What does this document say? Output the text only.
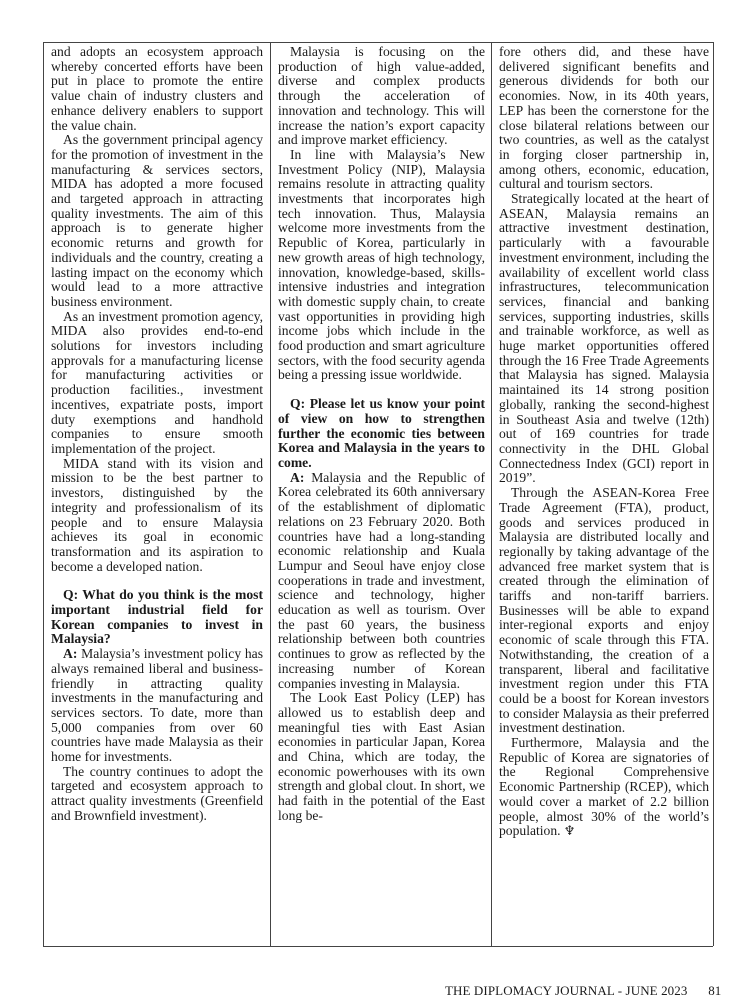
and adopts an ecosystem approach whereby concerted efforts have been put in place to promote the entire value chain of industry clusters and enhance delivery enablers to support the value chain.

As the government principal agency for the promotion of investment in the manufacturing & services sectors, MIDA has adopted a more focused and targeted approach in attracting quality investments. The aim of this approach is to generate higher economic returns and growth for individuals and the country, creating a lasting impact on the economy which would lead to a more attractive business environment.

As an investment promotion agency, MIDA also provides end-to-end solutions for investors including approvals for a manufacturing license for manufacturing activities or production facilities., investment incentives, expatriate posts, import duty exemptions and handhold companies to ensure smooth implementation of the project.

MIDA stand with its vision and mission to be the best partner to investors, distinguished by the integrity and professionalism of its people and to ensure Malaysia achieves its goal in economic transformation and its aspiration to become a developed nation.

Q: What do you think is the most important industrial field for Korean companies to invest in Malaysia?

A: Malaysia’s investment policy has always remained liberal and business-friendly in attracting quality investments in the manufacturing and services sectors. To date, more than 5,000 companies from over 60 countries have made Malaysia as their home for investments.

The country continues to adopt the targeted and ecosystem approach to attract quality investments (Greenfield and Brownfield investment).

Malaysia is focusing on the production of high value-added, diverse and complex products through the acceleration of innovation and technology. This will increase the nation’s export capacity and improve market efficiency.

In line with Malaysia’s New Investment Policy (NIP), Malaysia remains resolute in attracting quality investments that incorporates high tech innovation. Thus, Malaysia welcome more investments from the Republic of Korea, particularly in new growth areas of high technology, innovation, knowledge-based, skills-intensive industries and integration with domestic supply chain, to create vast opportunities in providing high income jobs which include in the food production and smart agriculture sectors, with the food security agenda being a pressing issue worldwide.

Q: Please let us know your point of view on how to strengthen further the economic ties between Korea and Malaysia in the years to come.

A: Malaysia and the Republic of Korea celebrated its 60th anniversary of the establishment of diplomatic relations on 23 February 2020. Both countries have had a long-standing economic relationship and Kuala Lumpur and Seoul have enjoy close cooperations in trade and investment, science and technology, higher education as well as tourism. Over the past 60 years, the business relationship between both countries continues to grow as reflected by the increasing number of Korean companies investing in Malaysia.

The Look East Policy (LEP) has allowed us to establish deep and meaningful ties with East Asian economies in particular Japan, Korea and China, which are today, the economic powerhouses with its own strength and global clout. In short, we had faith in the potential of the East long be-

fore others did, and these have delivered significant benefits and generous dividends for both our economies. Now, in its 40th years, LEP has been the cornerstone for the close bilateral relations between our two countries, as well as the catalyst in forging closer partnership in, among others, economic, education, cultural and tourism sectors.

Strategically located at the heart of ASEAN, Malaysia remains an attractive investment destination, particularly with a favourable investment environment, including the availability of excellent world class infrastructures, telecommunication services, financial and banking services, supporting industries, skills and trainable workforce, as well as huge market opportunities offered through the 16 Free Trade Agreements that Malaysia has signed. Malaysia maintained its 14 strong position globally, ranking the second-highest in Southeast Asia and twelve (12th) out of 169 countries for trade connectivity in the DHL Global Connectedness Index (GCI) report in 2019”.

Through the ASEAN-Korea Free Trade Agreement (FTA), product, goods and services produced in Malaysia are distributed locally and regionally by taking advantage of the advanced free market system that is created through the elimination of tariffs and non-tariff barriers. Businesses will be able to expand inter-regional exports and enjoy economic of scale through this FTA. Notwithstanding, the creation of a transparent, liberal and facilitative investment region under this FTA could be a boost for Korean investors to consider Malaysia as their preferred investment destination.

Furthermore, Malaysia and the Republic of Korea are signatories of the Regional Comprehensive Economic Partnership (RCEP), which would cover a market of 2.2 billion people, almost 30% of the world’s population. ♆

THE DIPLOMACY JOURNAL - JUNE 2023 81
